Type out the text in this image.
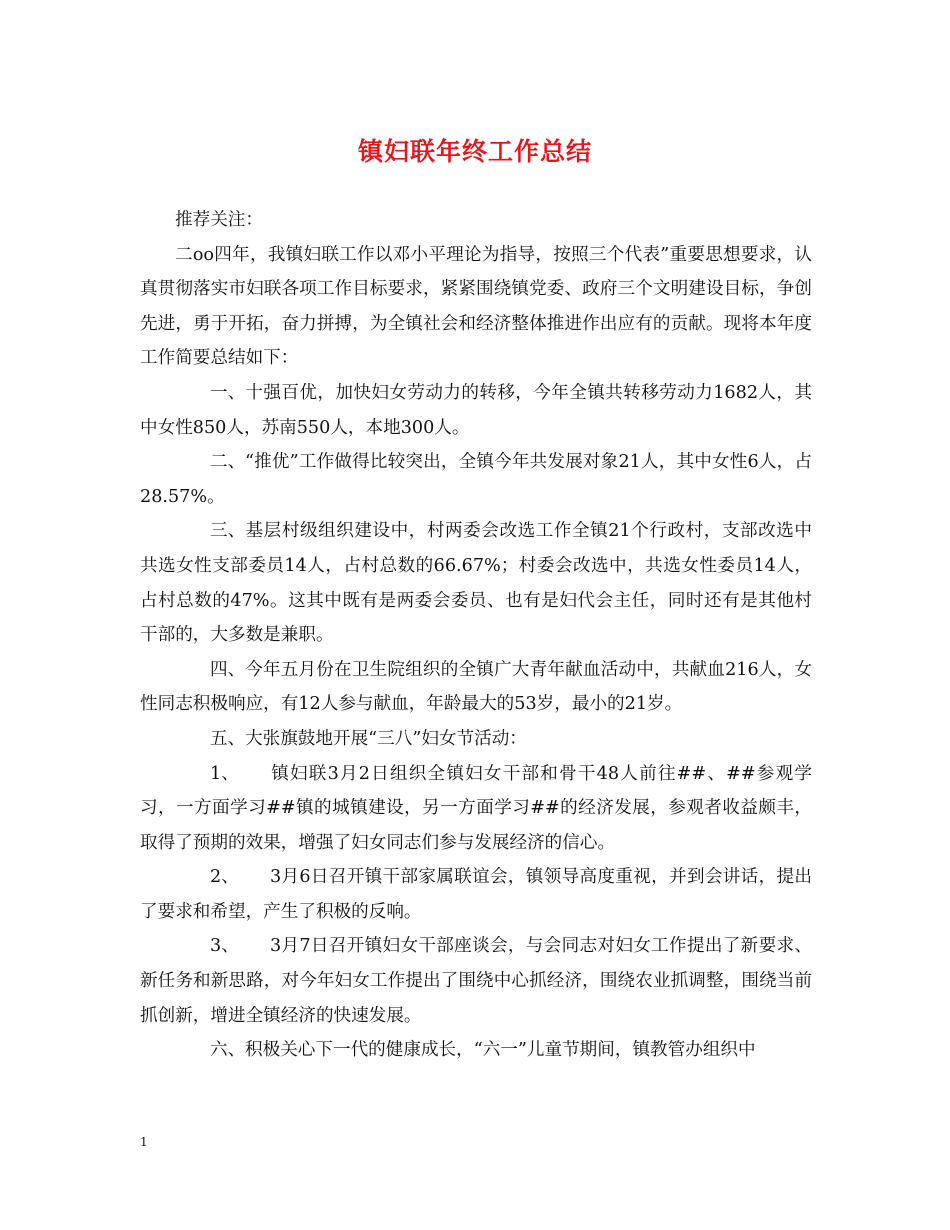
镇妇联年终工作总结

推荐关注：

二oo四年，我镇妇联工作以邓小平理论为指导，按照三个代表”重要思想要求，认真贯彻落实市妇联各项工作目标要求，紧紧围绕镇党委、政府三个文明建设目标，争创先进，勇于开拓，奋力拼搏，为全镇社会和经济整体推进作出应有的贡献。现将本年度工作简要总结如下：

一、十强百优，加快妇女劳动力的转移，今年全镇共转移劳动力1682人，其中女性850人，苏南550人，本地300人。

二、“推优”工作做得比较突出，全镇今年共发展对象21人，其中女性6人，占28.57%。

三、基层村级组织建设中，村两委会改选工作全镇21个行政村，支部改选中共选女性支部委员14人，占村总数的66.67%；村委会改选中，共选女性委员14人，占村总数的47%。这其中既有是两委会委员、也有是妇代会主任，同时还有是其他村干部的，大多数是兼职。

四、今年五月份在卫生院组织的全镇广大青年献血活动中，共献血216人，女性同志积极响应，有12人参与献血，年龄最大的53岁，最小的21岁。

五、大张旗鼓地开展“三八”妇女节活动：

1、 镇妇联3月2日组织全镇妇女干部和骨干48人前往##、##参观学习，一方面学习##镇的城镇建设，另一方面学习##的经济发展，参观者收益颇丰，取得了预期的效果，增强了妇女同志们参与发展经济的信心。

2、 3月6日召开镇干部家属联谊会，镇领导高度重视，并到会讲话，提出了要求和希望，产生了积极的反响。

3、 3月7日召开镇妇女干部座谈会，与会同志对妇女工作提出了新要求、新任务和新思路，对今年妇女工作提出了围绕中心抓经济，围绕农业抓调整，围绕当前抓创新，增进全镇经济的快速发展。

六、积极关心下一代的健康成长，“六一”儿童节期间，镇教管办组织中

1
